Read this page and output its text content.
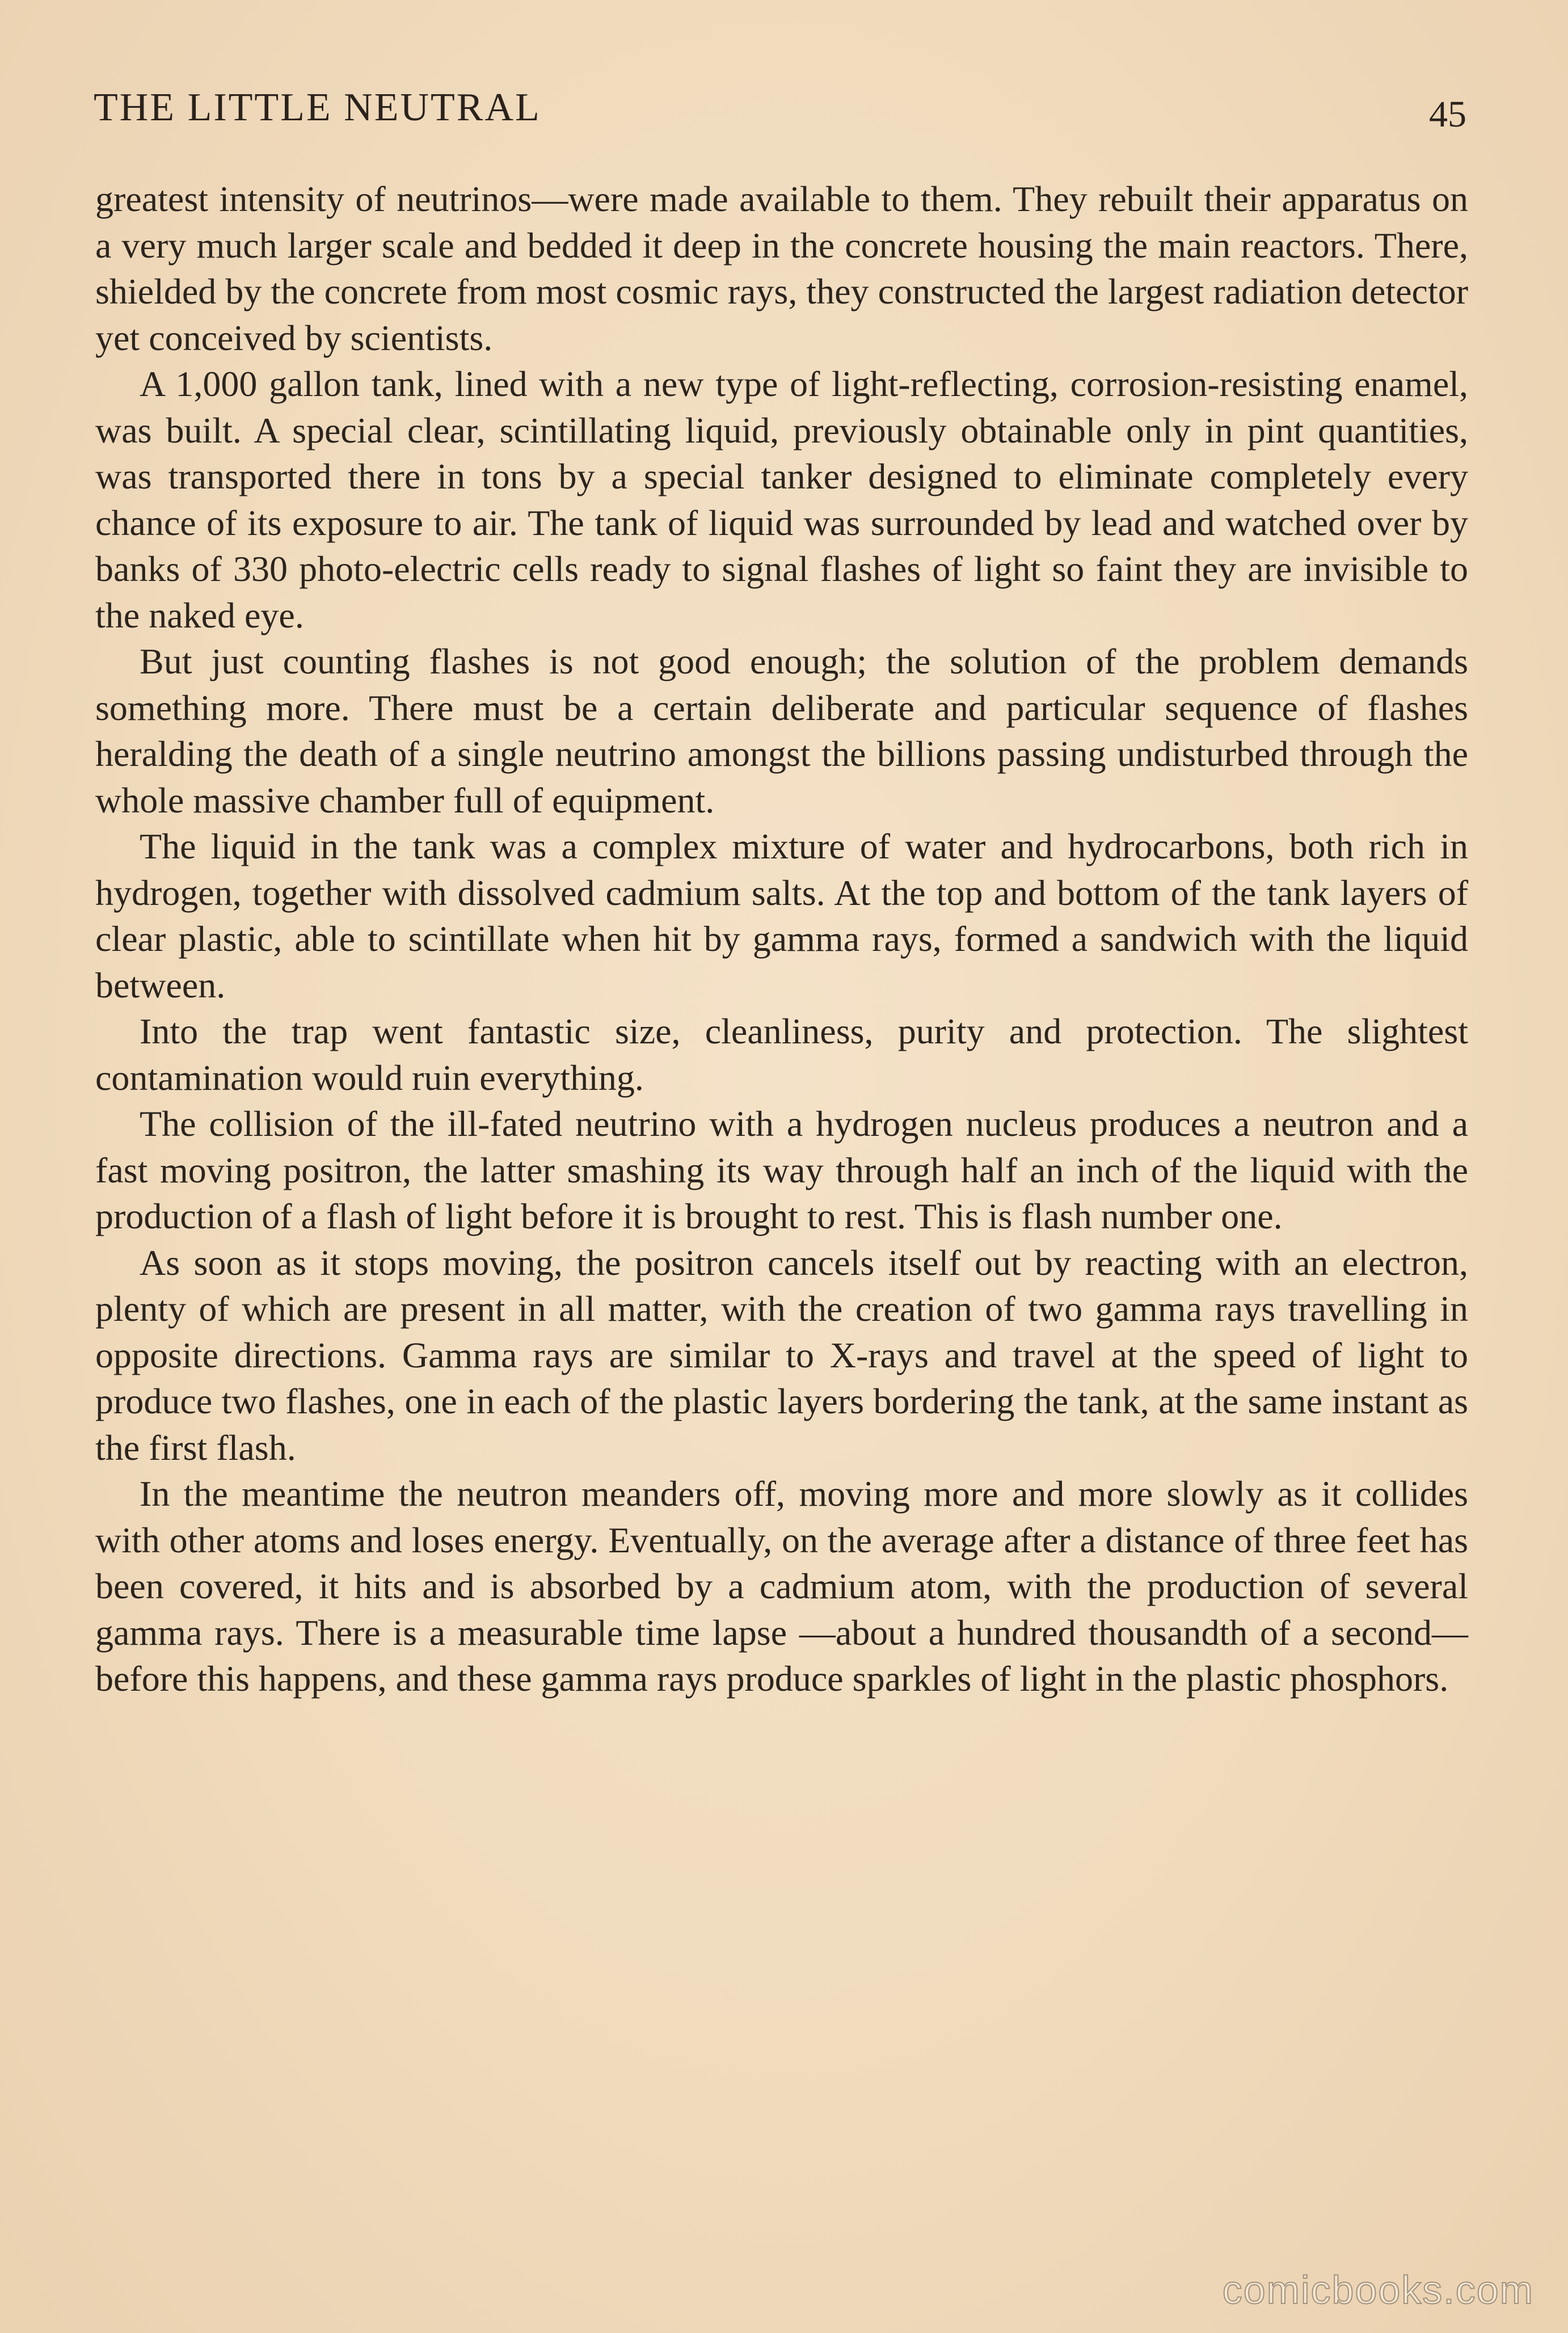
THE LITTLE NEUTRAL	45

greatest intensity of neutrinos—were made available to them. They rebuilt their apparatus on a very much larger scale and bedded it deep in the concrete housing the main reactors. There, shielded by the concrete from most cosmic rays, they constructed the largest radiation detector yet conceived by scientists.

A 1,000 gallon tank, lined with a new type of light-reflecting, corrosion-resisting enamel, was built. A special clear, scintillating liquid, previously obtainable only in pint quantities, was transported there in tons by a special tanker designed to eliminate completely every chance of its exposure to air. The tank of liquid was surrounded by lead and watched over by banks of 330 photo-electric cells ready to signal flashes of light so faint they are invisible to the naked eye.

But just counting flashes is not good enough; the solution of the problem demands something more. There must be a certain deliberate and particular sequence of flashes heralding the death of a single neutrino amongst the billions passing undisturbed through the whole massive chamber full of equipment.

The liquid in the tank was a complex mixture of water and hydrocarbons, both rich in hydrogen, together with dissolved cadmium salts. At the top and bottom of the tank layers of clear plastic, able to scintillate when hit by gamma rays, formed a sandwich with the liquid between.

Into the trap went fantastic size, cleanliness, purity and protection. The slightest contamination would ruin everything.

The collision of the ill-fated neutrino with a hydrogen nucleus produces a neutron and a fast moving positron, the latter smashing its way through half an inch of the liquid with the production of a flash of light before it is brought to rest. This is flash number one.

As soon as it stops moving, the positron cancels itself out by reacting with an electron, plenty of which are present in all matter, with the creation of two gamma rays travelling in opposite directions. Gamma rays are similar to X-rays and travel at the speed of light to produce two flashes, one in each of the plastic layers bordering the tank, at the same instant as the first flash.

In the meantime the neutron meanders off, moving more and more slowly as it collides with other atoms and loses energy. Eventually, on the average after a distance of three feet has been covered, it hits and is absorbed by a cadmium atom, with the production of several gamma rays. There is a measurable time lapse —about a hundred thousandth of a second—before this happens, and these gamma rays produce sparkles of light in the plastic phosphors.

comicbooks.com
